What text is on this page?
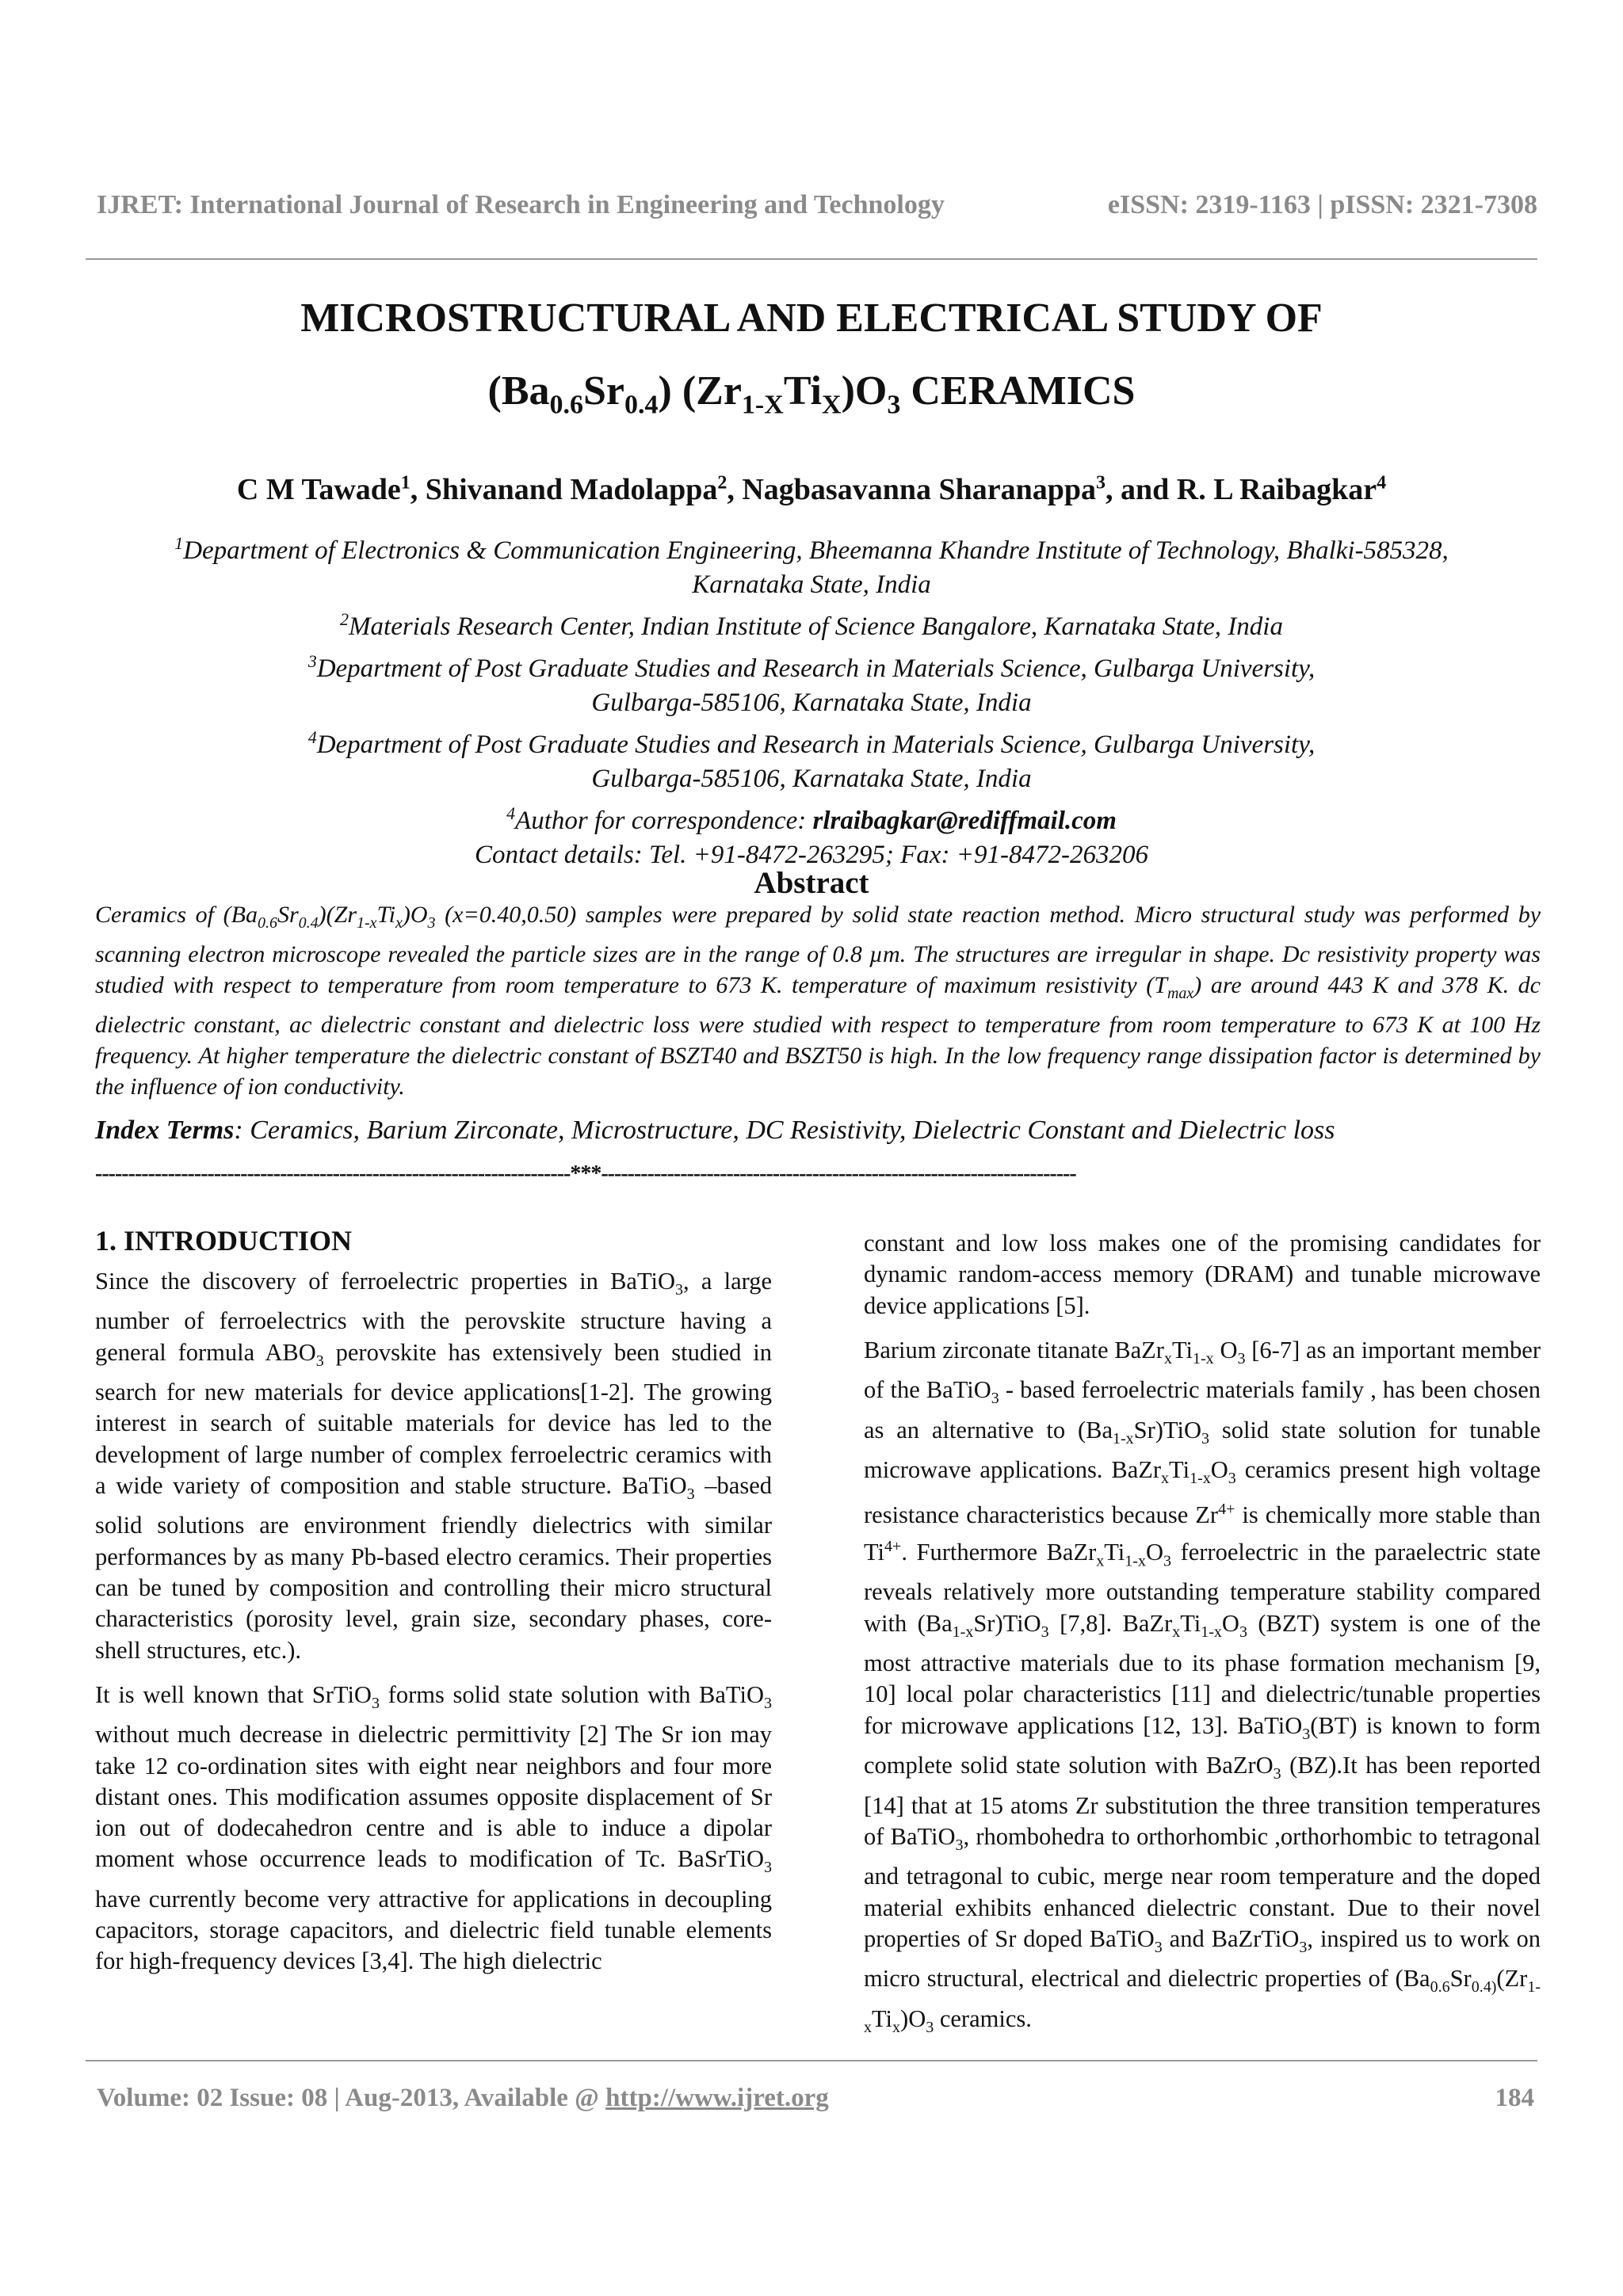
IJRET: International Journal of Research in Engineering and Technology	eISSN: 2319-1163 | pISSN: 2321-7308
MICROSTRUCTURAL AND ELECTRICAL STUDY OF
$(Ba_{0.6}Sr_{0.4})$ $(Zr_{1-X}Ti_X)O_3$ CERAMICS
C M Tawade$^1$, Shivanand Madolappa$^2$, Nagbasavanna Sharanappa$^3$, and R. L Raibagkar$^4$
$^1$Department of Electronics & Communication Engineering, Bheemanna Khandre Institute of Technology, Bhalki-585328,
Karnataka State, India
$^2$Materials Research Center, Indian Institute of Science Bangalore, Karnataka State, India
$^3$Department of Post Graduate Studies and Research in Materials Science, Gulbarga University,
Gulbarga-585106, Karnataka State, India
$^4$Department of Post Graduate Studies and Research in Materials Science, Gulbarga University,
Gulbarga-585106, Karnataka State, India
$^4$Author for correspondence: rlraibagkar@rediffmail.com
Contact details: Tel. +91-8472-263295; Fax: +91-8472-263206
Abstract
Ceramics of $(Ba_{0.6}Sr_{0.4})(Zr_{1-x}Ti_x)O_3$ (x=0.40,0.50) samples were prepared by solid state reaction method. Micro structural study was performed by scanning electron microscope revealed the particle sizes are in the range of 0.8 µm. The structures are irregular in shape. Dc resistivity property was studied with respect to temperature from room temperature to 673 K. temperature of maximum resistivity $(T_{max})$ are around 443 K and 378 K. dc dielectric constant, ac dielectric constant and dielectric loss were studied with respect to temperature from room temperature to 673 K at 100 Hz frequency. At higher temperature the dielectric constant of BSZT40 and BSZT50 is high. In the low frequency range dissipation factor is determined by the influence of ion conductivity.
Index Terms: Ceramics, Barium Zirconate, Microstructure, DC Resistivity, Dielectric Constant and Dielectric loss
------------------------------------------------------------------------***------------------------------------------------------------------------
1. INTRODUCTION

Since the discovery of ferroelectric properties in BaTiO$_3$, a large number of ferroelectrics with the perovskite structure having a general formula $ABO_3$ perovskite has extensively been studied in search for new materials for device applications[1-2]. The growing interest in search of suitable materials for device has led to the development of large number of complex ferroelectric ceramics with a wide variety of composition and stable structure. BaTiO$_3$ –based solid solutions are environment friendly dielectrics with similar performances by as many Pb-based electro ceramics. Their properties can be tuned by composition and controlling their micro structural characteristics (porosity level, grain size, secondary phases, core-shell structures, etc.).

It is well known that SrTiO$_3$ forms solid state solution with BaTiO$_3$ without much decrease in dielectric permittivity [2] The Sr ion may take 12 co-ordination sites with eight near neighbors and four more distant ones. This modification assumes opposite displacement of Sr ion out of dodecahedron centre and is able to induce a dipolar moment whose occurrence leads to modification of Tc. BaSrTiO$_3$ have currently become very attractive for applications in decoupling capacitors, storage capacitors, and dielectric field tunable elements for high-frequency devices [3,4]. The high dielectric

constant and low loss makes one of the promising candidates for dynamic random-access memory (DRAM) and tunable microwave device applications [5].

Barium zirconate titanate $BaZr_xTi_{1-x}$ $O_3$ [6-7] as an important member of the BaTiO$_3$ - based ferroelectric materials family , has been chosen as an alternative to $(Ba_{1-x}Sr)TiO_3$ solid state solution for tunable microwave applications. $BaZr_xTi_{1-x}O_3$ ceramics present high voltage resistance characteristics because $Zr^{4+}$ is chemically more stable than $Ti^{4+}$. Furthermore $BaZr_xTi_{1-x}O_3$ ferroelectric in the paraelectric state reveals relatively more outstanding temperature stability compared with $(Ba_{1-x}Sr)TiO_3$ [7,8]. $BaZr_xTi_{1-x}O_3$ (BZT) system is one of the most attractive materials due to its phase formation mechanism [9, 10] local polar characteristics [11] and dielectric/tunable properties for microwave applications [12, 13]. BaTiO$_3$(BT) is known to form complete solid state solution with BaZrO$_3$ (BZ).It has been reported [14] that at 15 atoms Zr substitution the three transition temperatures of BaTiO$_3$, rhombohedra to orthorhombic ,orthorhombic to tetragonal and tetragonal to cubic, merge near room temperature and the doped material exhibits enhanced dielectric constant. Due to their novel properties of Sr doped BaTiO$_3$ and BaZrTiO$_3$, inspired us to work on micro structural, electrical and dielectric properties of ($Ba_{0.6}Sr_{0.4)}(Zr_{1-x}Ti_x)O_3$ ceramics.

Volume: 02 Issue: 08 | Aug-2013, Available @ http://www.ijret.org	184
